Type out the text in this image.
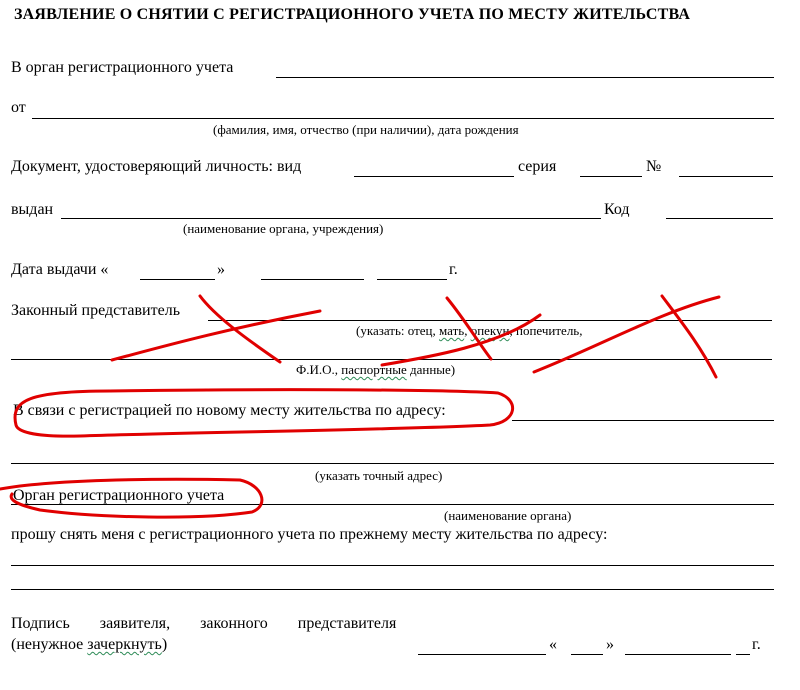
ЗАЯВЛЕНИЕ О СНЯТИИ С РЕГИСТРАЦИОННОГО УЧЕТА ПО МЕСТУ ЖИТЕЛЬСТВА
В орган регистрационного учета
от
(фамилия, имя, отчество (при наличии), дата рождения
Документ, удостоверяющий личность: вид	серия	№
выдан	Код
(наименование органа, учреждения)
Дата выдачи «	»	г.
Законный представитель
(указать: отец, мать, опекун, попечитель,
Ф.И.О., паспортные данные)
В связи с регистрацией по новому месту жительства по адресу:
(указать точный адрес)
Орган регистрационного учета
(наименование органа)
прошу снять меня с регистрационного учета по прежнему месту жительства по адресу:
Подпись заявителя, законного представителя
(ненужное зачеркнуть)	«	»	г.
